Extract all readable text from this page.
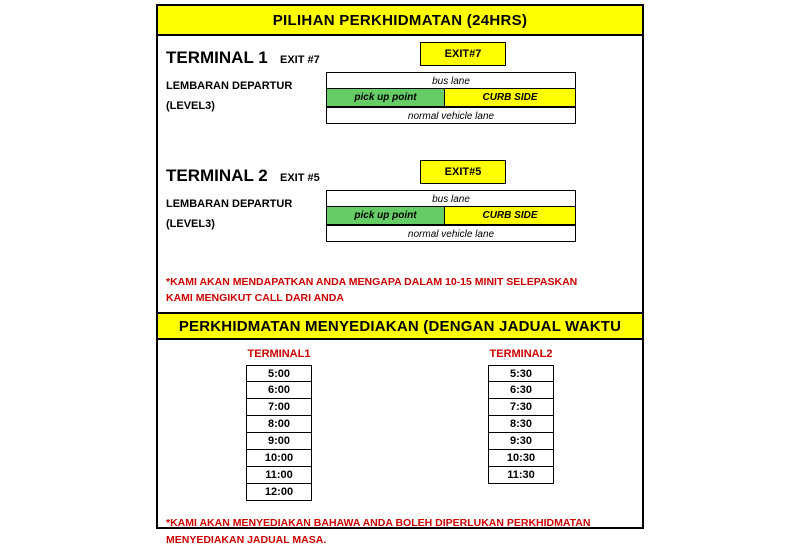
PILIHAN PERKHIDMATAN (24HRS)
TERMINAL 1 EXIT #7
LEMBARAN DEPARTUR
(LEVEL3)
EXIT#7
bus lane
pick up point	CURB SIDE
normal vehicle lane
TERMINAL 2 EXIT #5
LEMBARAN DEPARTUR
(LEVEL3)
EXIT#5
bus lane
pick up point	CURB SIDE
normal vehicle lane
*KAMI AKAN MENDAPATKAN ANDA MENGAPA DALAM 10-15 MINIT SELEPASKAN
KAMI MENGIKUT CALL DARI ANDA
PERKHIDMATAN MENYEDIAKAN (DENGAN JADUAL WAKTU
TERMINAL1
5:00
6:00
7:00
8:00
9:00
10:00
11:00
12:00
TERMINAL2
5:30
6:30
7:30
8:30
9:30
10:30
11:30
*KAMI AKAN MENYEDIAKAN BAHAWA ANDA BOLEH DIPERLUKAN PERKHIDMATAN
MENYEDIAKAN JADUAL MASA.
